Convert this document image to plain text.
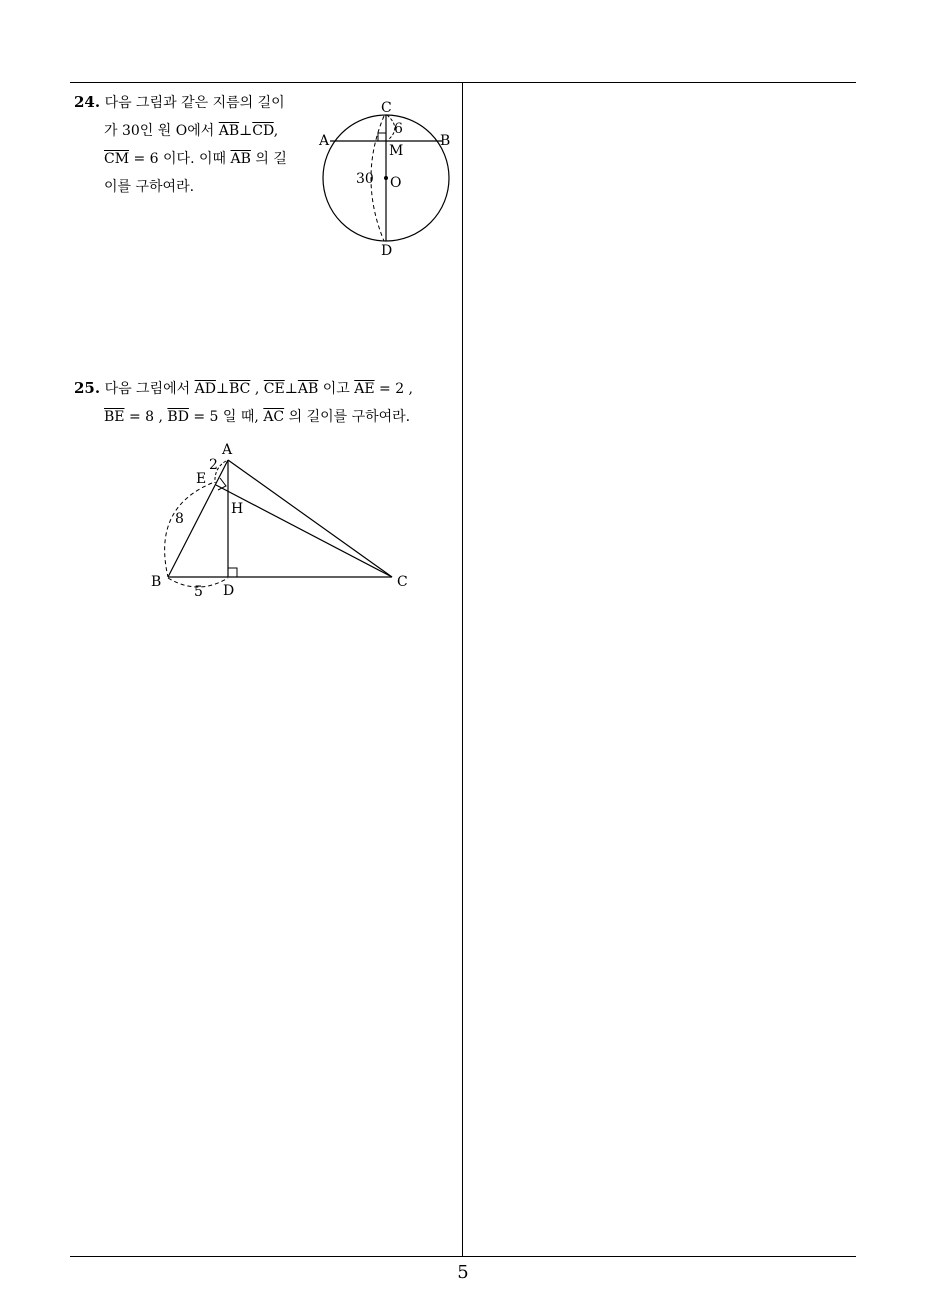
24. 다음 그림과 같은 지름의 길이
가 30인 원 O에서 $\overline{AB}\perp\overline{CD}$,
$\overline{CM} = 6$ 이다. 이때 $\overline{AB}$ 의 길
이를 구하여라.
C
A	B
M
6
30 O
D
25. 다음 그림에서 $\overline{AD}\perp\overline{BC}$ , $\overline{CE}\perp\overline{AB}$ 이고 $\overline{AE} = 2$ ,
$\overline{BE} = 8$ , $\overline{BD} = 5$ 일 때, $\overline{AC}$ 의 길이를 구하여라.
A
2
E
H
8
B
5 D
C
5
